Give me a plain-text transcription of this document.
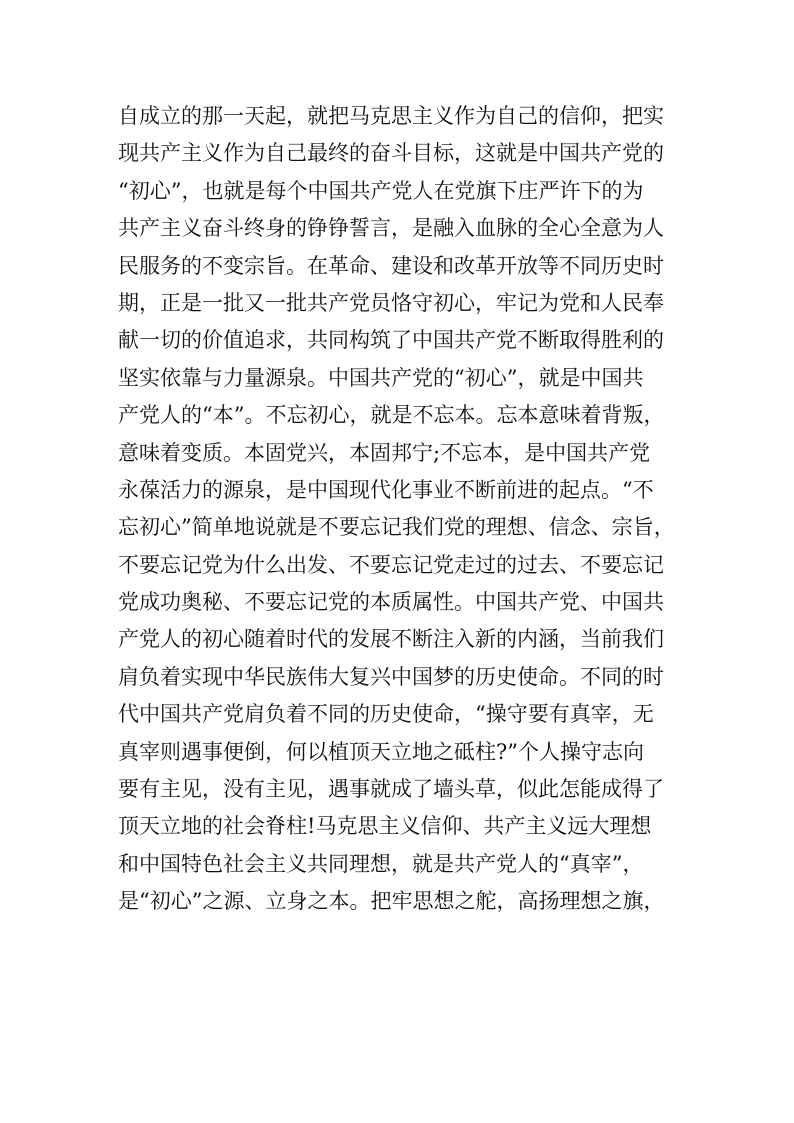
自成立的那一天起，就把马克思主义作为自己的信仰，把实
现共产主义作为自己最终的奋斗目标，这就是中国共产党的
“初心”，也就是每个中国共产党人在党旗下庄严许下的为
共产主义奋斗终身的铮铮誓言，是融入血脉的全心全意为人
民服务的不变宗旨。在革命、建设和改革开放等不同历史时
期，正是一批又一批共产党员恪守初心，牢记为党和人民奉
献一切的价值追求，共同构筑了中国共产党不断取得胜利的
坚实依靠与力量源泉。中国共产党的“初心”，就是中国共
产党人的“本”。不忘初心，就是不忘本。忘本意味着背叛，
意味着变质。本固党兴，本固邦宁;不忘本，是中国共产党
永葆活力的源泉，是中国现代化事业不断前进的起点。“不
忘初心”简单地说就是不要忘记我们党的理想、信念、宗旨，
不要忘记党为什么出发、不要忘记党走过的过去、不要忘记
党成功奥秘、不要忘记党的本质属性。中国共产党、中国共
产党人的初心随着时代的发展不断注入新的内涵，当前我们
肩负着实现中华民族伟大复兴中国梦的历史使命。不同的时
代中国共产党肩负着不同的历史使命，“操守要有真宰，无
真宰则遇事便倒，何以植顶天立地之砥柱?”个人操守志向
要有主见，没有主见，遇事就成了墙头草，似此怎能成得了
顶天立地的社会脊柱!马克思主义信仰、共产主义远大理想
和中国特色社会主义共同理想，就是共产党人的“真宰”，
是“初心”之源、立身之本。把牢思想之舵，高扬理想之旗，
